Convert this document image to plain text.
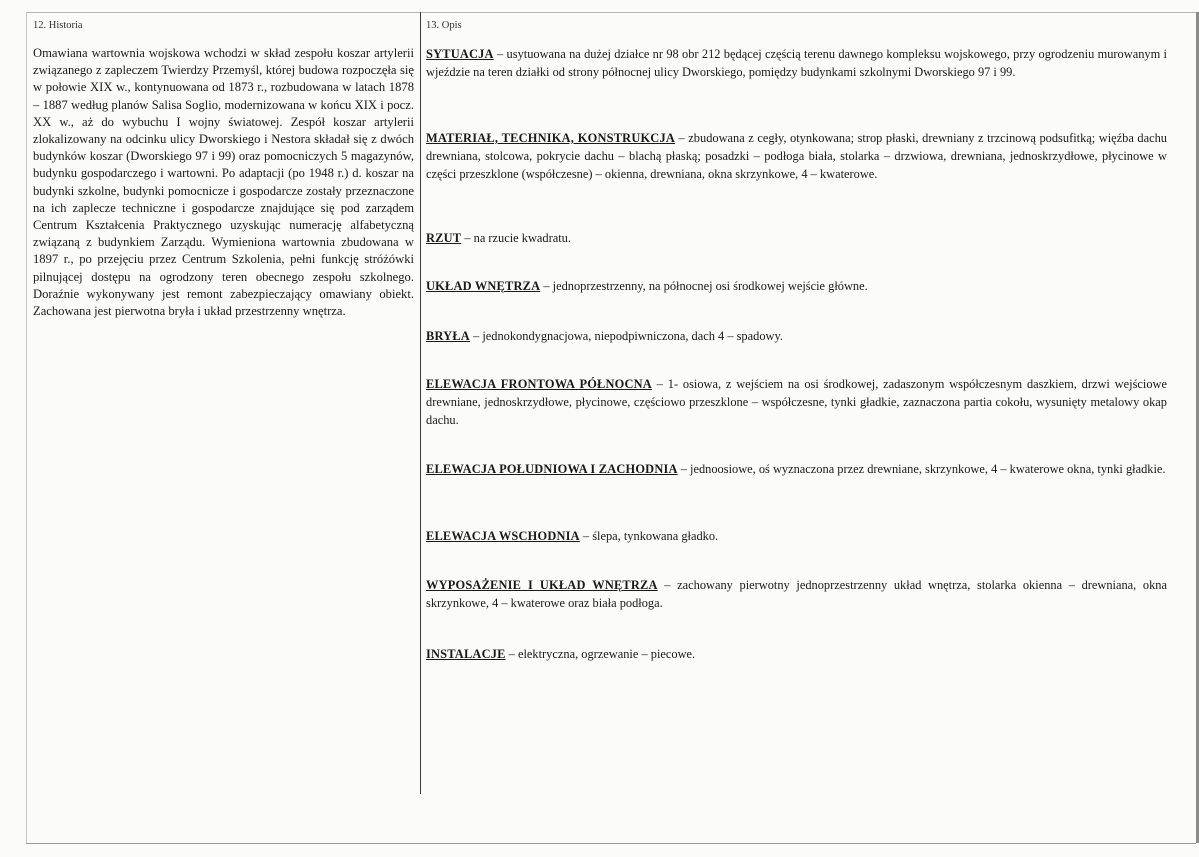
12. Historia

Omawiana wartownia wojskowa wchodzi w skład zespołu koszar artylerii związanego z zapleczem Twierdzy Przemyśl, której budowa rozpoczęła się w połowie XIX w., kontynuowana od 1873 r., rozbudowana w latach 1878 – 1887 według planów Salisa Soglio, modernizowana w końcu XIX i pocz. XX w., aż do wybuchu I wojny światowej. Zespół koszar artylerii zlokalizowany na odcinku ulicy Dworskiego i Nestora składał się z dwóch budynków koszar (Dworskiego 97 i 99) oraz pomocniczych 5 magazynów, budynku gospodarczego i wartowni. Po adaptacji (po 1948 r.) d. koszar na budynki szkolne, budynki pomocnicze i gospodarcze zostały przeznaczone na ich zaplecze techniczne i gospodarcze znajdujące się pod zarządem Centrum Kształcenia Praktycznego uzyskując numerację alfabetyczną związaną z budynkiem Zarządu. Wymieniona wartownia zbudowana w 1897 r., po przejęciu przez Centrum Szkolenia, pełni funkcję stróżówki pilnującej dostępu na ogrodzony teren obecnego zespołu szkolnego. Doraźnie wykonywany jest remont zabezpieczający omawiany obiekt. Zachowana jest pierwotna bryła i układ przestrzenny wnętrza.

13. Opis

SYTUACJA – usytuowana na dużej działce nr 98 obr 212 będącej częścią terenu dawnego kompleksu wojskowego, przy ogrodzeniu murowanym i wjeździe na teren działki od strony północnej ulicy Dworskiego, pomiędzy budynkami szkolnymi Dworskiego 97 i 99.

MATERIAŁ, TECHNIKA, KONSTRUKCJA – zbudowana z cegły, otynkowana; strop płaski, drewniany z trzcinową podsufitką; więźba dachu drewniana, stolcowa, pokrycie dachu – blachą płaską; posadzki – podłoga biała, stolarka – drzwiowa, drewniana, jednoskrzydłowe, płycinowe w części przeszklone (współczesne) – okienna, drewniana, okna skrzynkowe, 4 – kwaterowe.

RZUT – na rzucie kwadratu.

UKŁAD WNĘTRZA – jednoprzestrzenny, na północnej osi środkowej wejście główne.

BRYŁA – jednokondygnacjowa, niepodpiwniczona, dach 4 – spadowy.

ELEWACJA FRONTOWA PÓŁNOCNA – 1- osiowa, z wejściem na osi środkowej, zadaszonym współczesnym daszkiem, drzwi wejściowe drewniane, jednoskrzydłowe, płycinowe, częściowo przeszklone – współczesne, tynki gładkie, zaznaczona partia cokołu, wysunięty metalowy okap dachu.

ELEWACJA POŁUDNIOWA I ZACHODNIA – jednoosiowe, oś wyznaczona przez drewniane, skrzynkowe, 4 – kwaterowe okna, tynki gładkie.

ELEWACJA WSCHODNIA – ślepa, tynkowana gładko.

WYPOSAŻENIE I UKŁAD WNĘTRZA – zachowany pierwotny jednoprzestrzenny układ wnętrza, stolarka okienna – drewniana, okna skrzynkowe, 4 – kwaterowe oraz biała podłoga.

INSTALACJE – elektryczna, ogrzewanie – piecowe.
